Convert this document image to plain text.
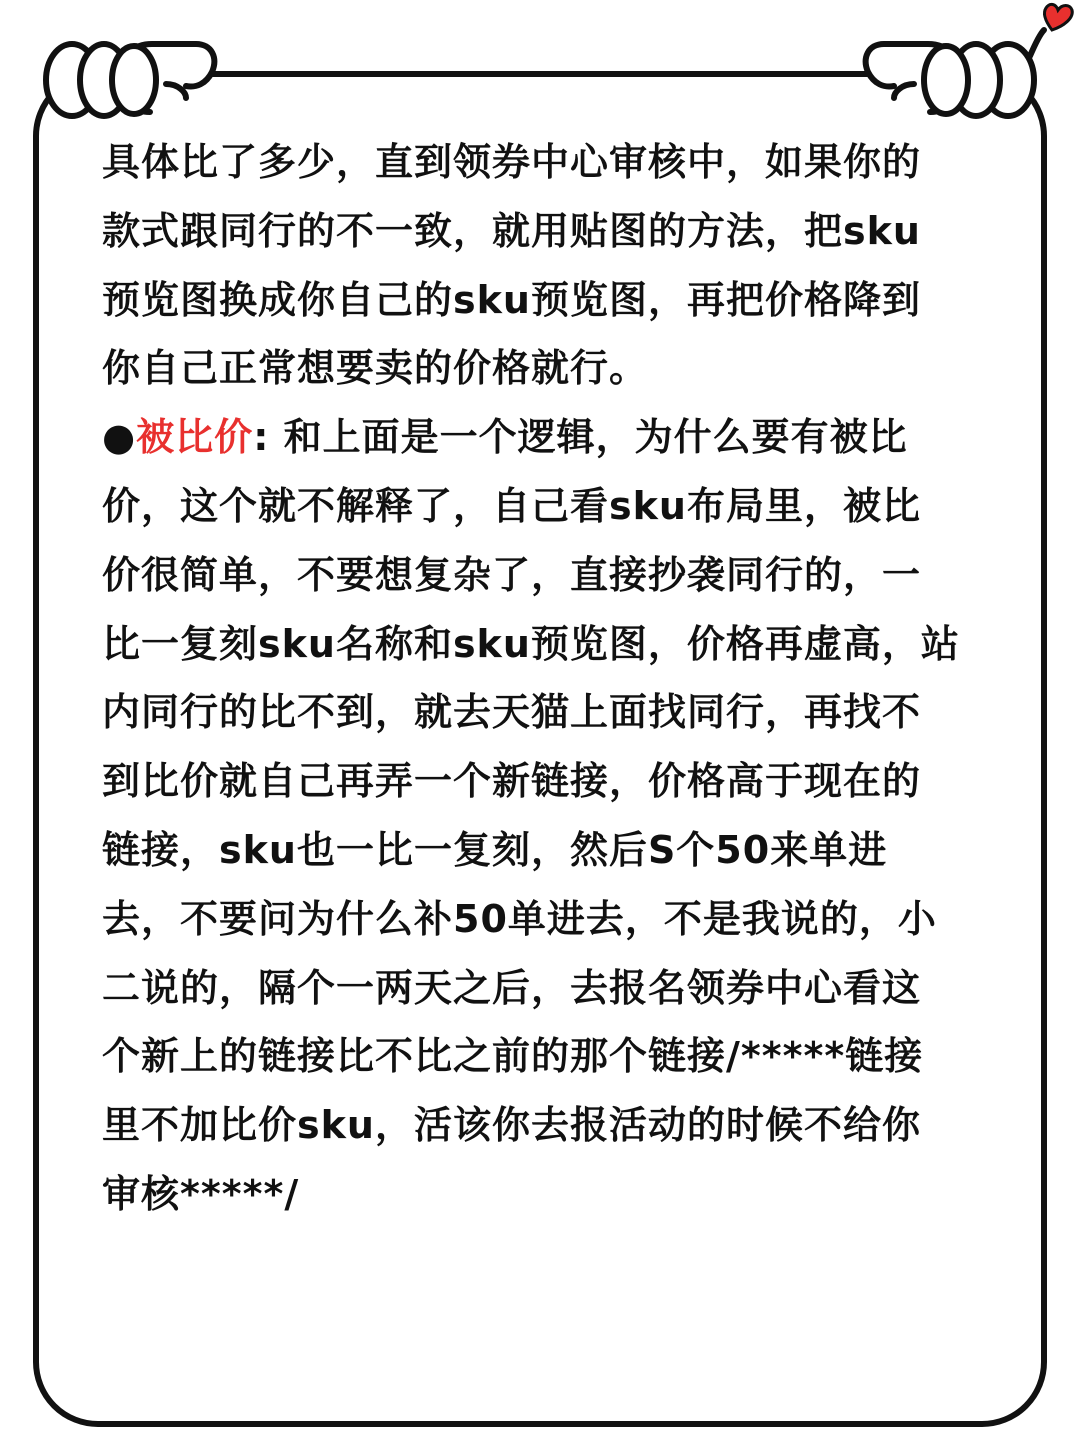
具体比了多少，直到领券中心审核中，如果你的
款式跟同行的不一致，就用贴图的方法，把sku
预览图换成你自己的sku预览图，再把价格降到
你自己正常想要卖的价格就行。
●被比价: 和上面是一个逻辑，为什么要有被比
价，这个就不解释了，自己看sku布局里，被比
价很简单，不要想复杂了，直接抄袭同行的，一
比一复刻sku名称和sku预览图，价格再虚高，站
内同行的比不到，就去天猫上面找同行，再找不
到比价就自己再弄一个新链接，价格高于现在的
链接，sku也一比一复刻，然后S个50来单进
去，不要问为什么补50单进去，不是我说的，小
二说的，隔个一两天之后，去报名领券中心看这
个新上的链接比不比之前的那个链接/*****链接
里不加比价sku，活该你去报活动的时候不给你
审核*****/
